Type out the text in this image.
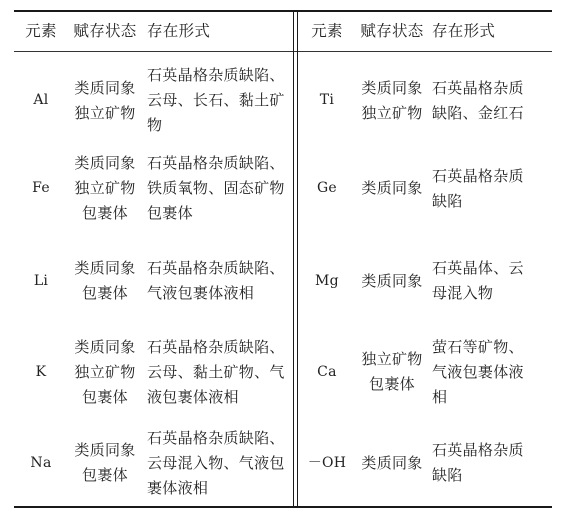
元素 赋存状态 存在形式	元素 赋存状态 存在形式
Al
类质同象
独立矿物
石英晶格杂质缺陷、
云母、长石、黏土矿
物
Ti
类质同象
独立矿物
石英晶格杂质
缺陷、金红石
Fe
类质同象
独立矿物
包裹体
石英晶格杂质缺陷、
铁质氧物、固态矿物
包裹体
Ge 类质同象
石英晶格杂质
缺陷
Li
类质同象
包裹体
石英晶格杂质缺陷、
气液包裹体液相
Mg 类质同象
石英晶体、云
母混入物
K
类质同象
独立矿物
包裹体
石英晶格杂质缺陷、
云母、黏土矿物、气
液包裹体液相
Ca
独立矿物
包裹体
萤石等矿物、
气液包裹体液
相
Na
类质同象
包裹体
石英晶格杂质缺陷、
云母混入物、气液包
裹体液相
－OH 类质同象
石英晶格杂质
缺陷
